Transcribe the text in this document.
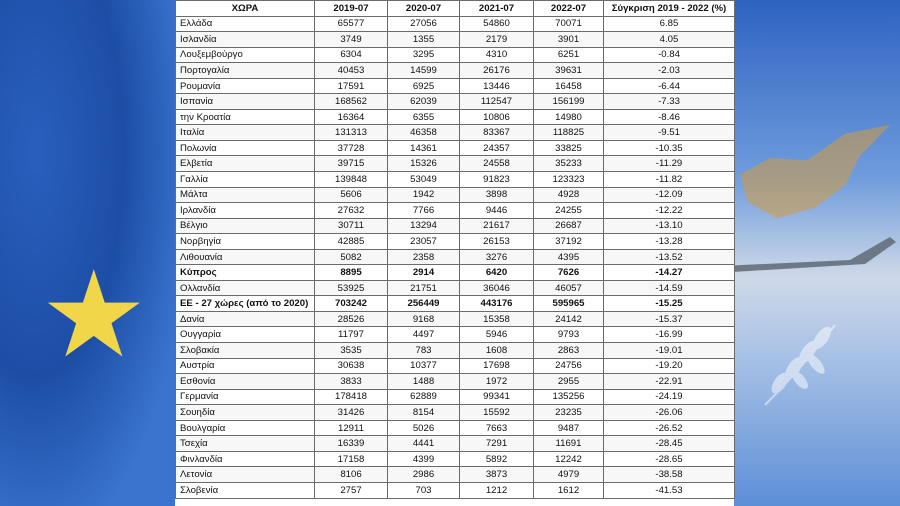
★
ΧΩΡΑ	2019-07	2020-07	2021-07	2022-07	Σύγκριση 2019 - 2022 (%)
Ελλάδα	65577	27056	54860	70071	6.85
Ισλανδία	3749	1355	2179	3901	4.05
Λουξεμβούργο	6304	3295	4310	6251	-0.84
Πορτογαλία	40453	14599	26176	39631	-2.03
Ρουμανία	17591	6925	13446	16458	-6.44
Ισπανία	168562	62039	112547	156199	-7.33
την Κροατία	16364	6355	10806	14980	-8.46
Ιταλία	131313	46358	83367	118825	-9.51
Πολωνία	37728	14361	24357	33825	-10.35
Ελβετία	39715	15326	24558	35233	-11.29
Γαλλία	139848	53049	91823	123323	-11.82
Μάλτα	5606	1942	3898	4928	-12.09
Ιρλανδία	27632	7766	9446	24255	-12.22
Βέλγιο	30711	13294	21617	26687	-13.10
Νορβηγία	42885	23057	26153	37192	-13.28
Λιθουανία	5082	2358	3276	4395	-13.52
Κύπρος	8895	2914	6420	7626	-14.27
Ολλανδία	53925	21751	36046	46057	-14.59
ΕΕ - 27 χώρες (από το 2020)	703242	256449	443176	595965	-15.25
Δανία	28526	9168	15358	24142	-15.37
Ουγγαρία	11797	4497	5946	9793	-16.99
Σλοβακία	3535	783	1608	2863	-19.01
Αυστρία	30638	10377	17698	24756	-19.20
Εσθονία	3833	1488	1972	2955	-22.91
Γερμανία	178418	62889	99341	135256	-24.19
Σουηδία	31426	8154	15592	23235	-26.06
Βουλγαρία	12911	5026	7663	9487	-26.52
Τσεχία	16339	4441	7291	11691	-28.45
Φινλανδία	17158	4399	5892	12242	-28.65
Λετονία	8106	2986	3873	4979	-38.58
Σλοβενία	2757	703	1212	1612	-41.53
